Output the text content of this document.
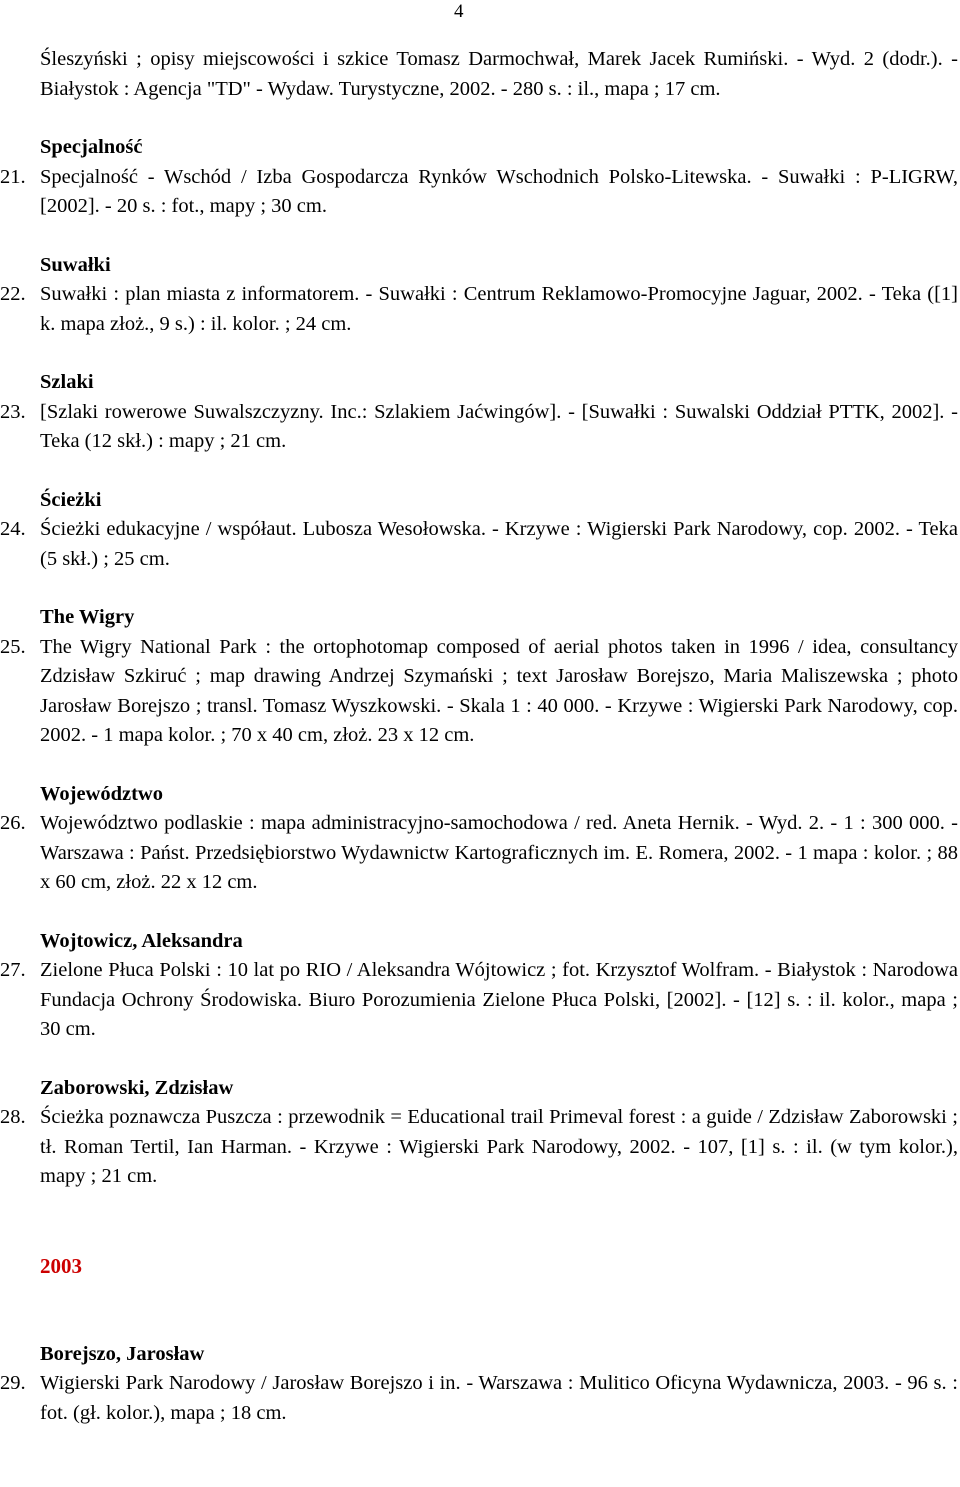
4
Śleszyński ; opisy miejscowości i szkice Tomasz Darmochwał, Marek Jacek Rumiński. - Wyd. 2 (dodr.). - Białystok : Agencja "TD" - Wydaw. Turystyczne, 2002. - 280 s. : il., mapa ; 17 cm.
Specjalność
21. Specjalność - Wschód / Izba Gospodarcza Rynków Wschodnich Polsko-Litewska. - Suwałki : P-LIGRW, [2002]. - 20 s. : fot., mapy ; 30 cm.
Suwałki
22. Suwałki : plan miasta z informatorem. - Suwałki : Centrum Reklamowo-Promocyjne Jaguar, 2002. - Teka ([1] k. mapa złoż., 9 s.) : il. kolor. ; 24 cm.
Szlaki
23. [Szlaki rowerowe Suwalszczyzny. Inc.: Szlakiem Jaćwingów]. - [Suwałki : Suwalski Oddział PTTK, 2002]. - Teka (12 skł.) : mapy ; 21 cm.
Ścieżki
24. Ścieżki edukacyjne / współaut. Lubosza Wesołowska. - Krzywe : Wigierski Park Narodowy, cop. 2002. - Teka (5 skł.) ; 25 cm.
The Wigry
25. The Wigry National Park : the ortophotomap composed of aerial photos taken in 1996 / idea, consultancy Zdzisław Szkiruć ; map drawing Andrzej Szymański ; text Jarosław Borejszo, Maria Maliszewska ; photo Jarosław Borejszo ; transl. Tomasz Wyszkowski. - Skala 1 : 40 000. - Krzywe : Wigierski Park Narodowy, cop. 2002. - 1 mapa kolor. ; 70 x 40 cm, złoż. 23 x 12 cm.
Województwo
26. Województwo podlaskie : mapa administracyjno-samochodowa / red. Aneta Hernik. - Wyd. 2. - 1 : 300 000. - Warszawa : Państ. Przedsiębiorstwo Wydawnictw Kartograficznych im. E. Romera, 2002. - 1 mapa : kolor. ; 88 x 60 cm, złoż. 22 x 12 cm.
Wojtowicz, Aleksandra
27. Zielone Płuca Polski : 10 lat po RIO / Aleksandra Wójtowicz ; fot. Krzysztof Wolfram. - Białystok : Narodowa Fundacja Ochrony Środowiska. Biuro Porozumienia Zielone Płuca Polski, [2002]. - [12] s. : il. kolor., mapa ; 30 cm.
Zaborowski, Zdzisław
28. Ścieżka poznawcza Puszcza : przewodnik = Educational trail Primeval forest : a guide / Zdzisław Zaborowski ; tł. Roman Tertil, Ian Harman. - Krzywe : Wigierski Park Narodowy, 2002. - 107, [1] s. : il. (w tym kolor.), mapy ; 21 cm.
2003
Borejszo, Jarosław
29. Wigierski Park Narodowy / Jarosław Borejszo i in. - Warszawa : Mulitico Oficyna Wydawnicza, 2003. - 96 s. : fot. (gł. kolor.), mapa ; 18 cm.
